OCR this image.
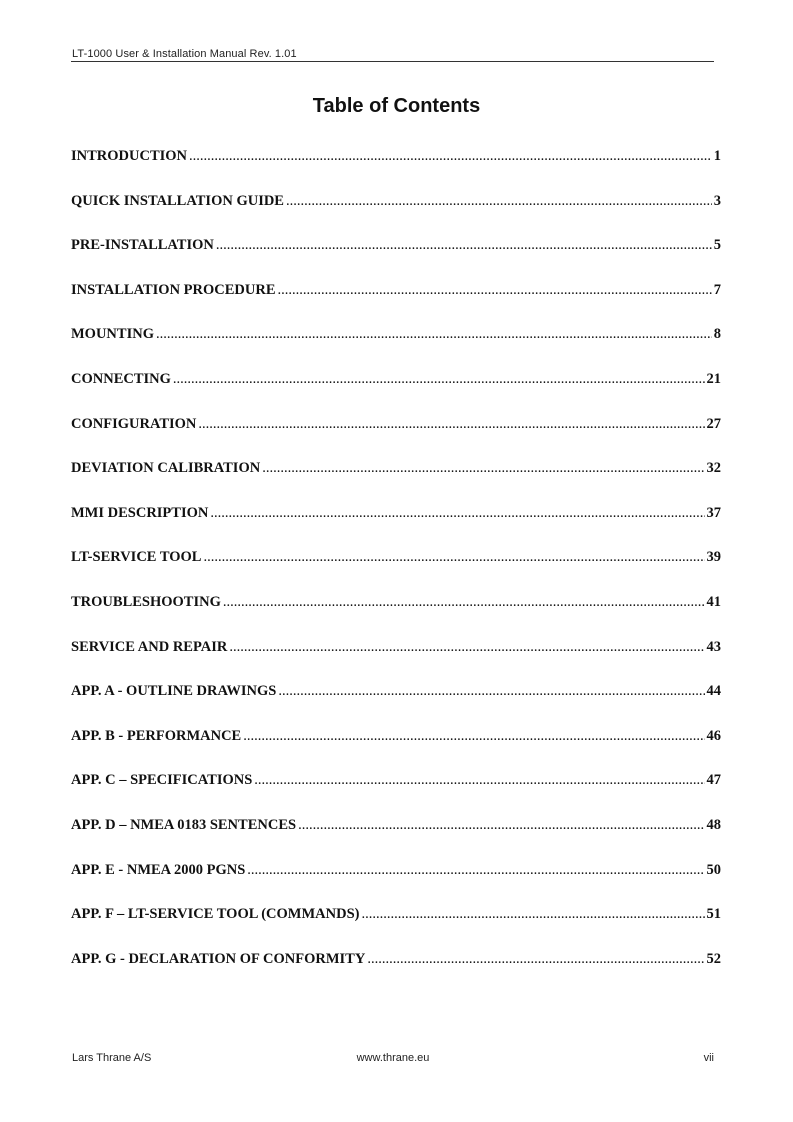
LT-1000 User & Installation Manual Rev. 1.01
Table of Contents
INTRODUCTION .....	1
QUICK INSTALLATION GUIDE .....	3
PRE-INSTALLATION .....	5
INSTALLATION PROCEDURE .....	7
MOUNTING .....	8
CONNECTING .....	21
CONFIGURATION .....	27
DEVIATION CALIBRATION .....	32
MMI DESCRIPTION .....	37
LT-SERVICE TOOL .....	39
TROUBLESHOOTING .....	41
SERVICE AND REPAIR .....	43
APP. A - OUTLINE DRAWINGS .....	44
APP. B - PERFORMANCE .....	46
APP. C – SPECIFICATIONS .....	47
APP. D – NMEA 0183 SENTENCES .....	48
APP. E - NMEA 2000 PGNS .....	50
APP. F – LT-SERVICE TOOL (COMMANDS) .....	51
APP. G - DECLARATION OF CONFORMITY .....	52
Lars Thrane A/S	www.thrane.eu	vii
